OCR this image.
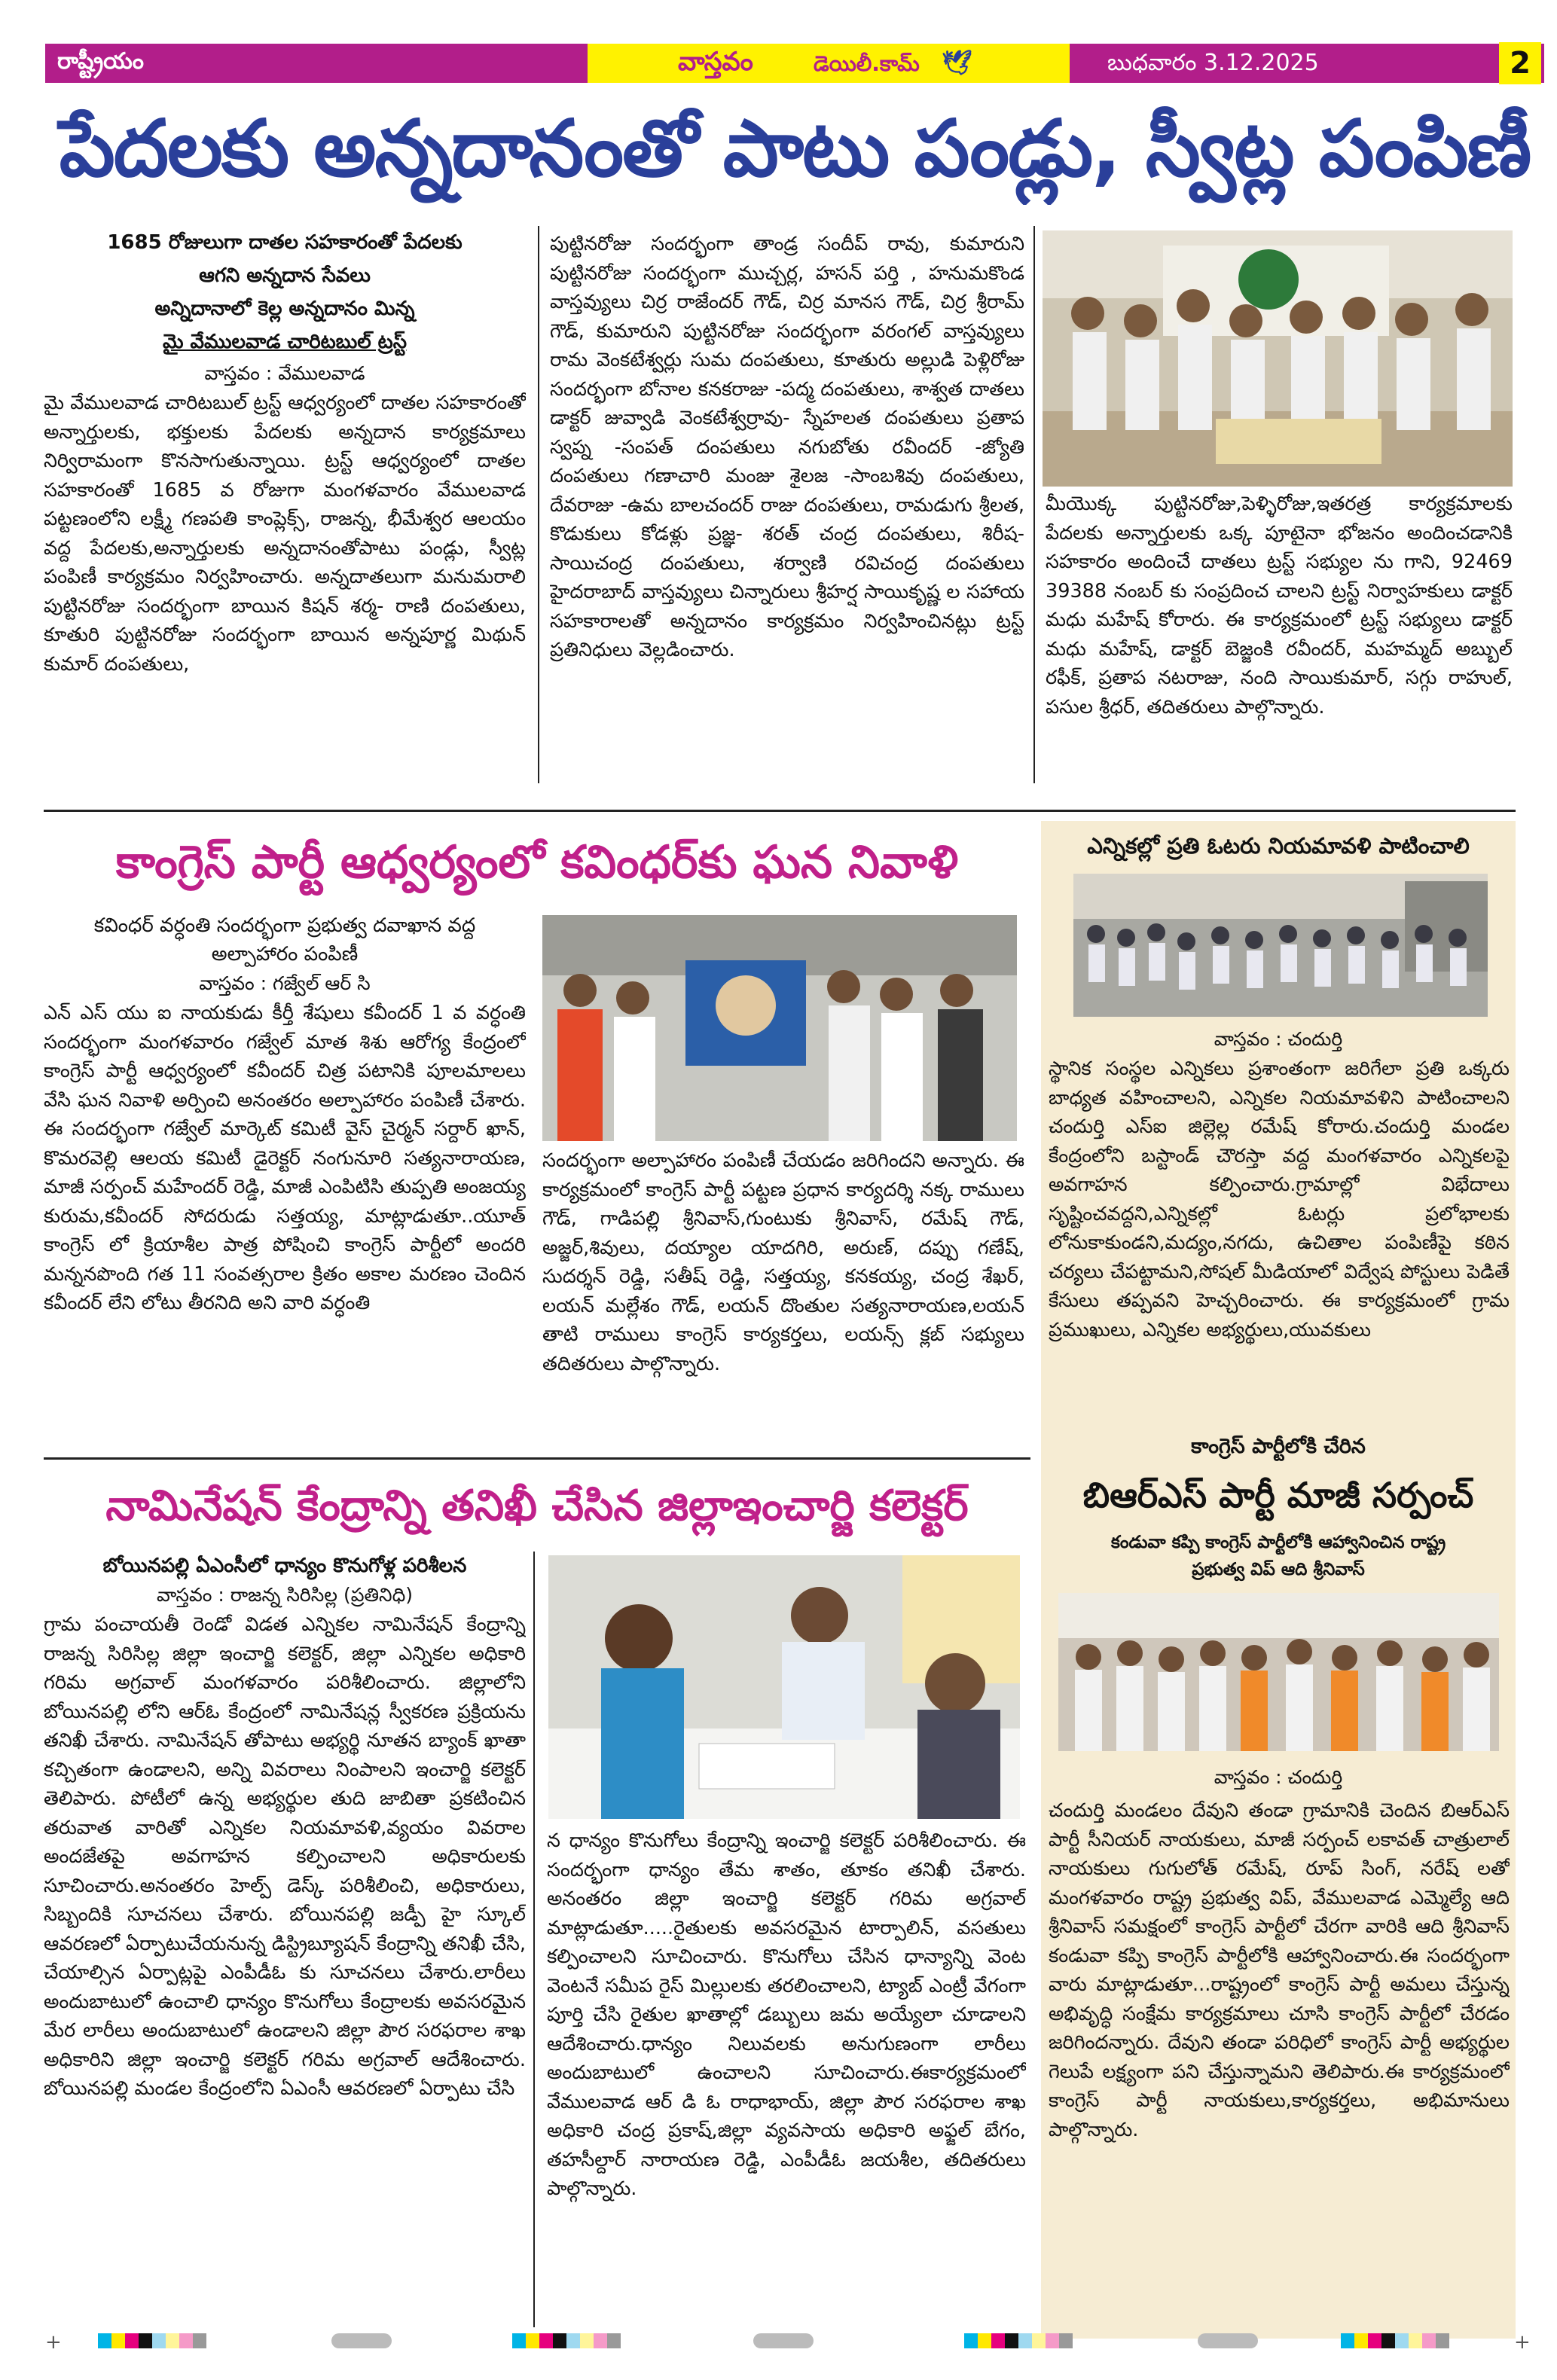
రాష్ట్రీయం	వాస్తవం	డెయిలీ.కామ్ 🕊	బుధవారం 3.12.2025	2
పేదలకు అన్నదానంతో పాటు పండ్లు, స్వీట్ల పంపిణీ
1685 రోజులుగా దాతల సహకారంతో పేదలకు
ఆగని అన్నదాన సేవలు
అన్నిదానాలో కెల్ల అన్నదానం మిన్న
మై వేములవాడ చారిటబుల్ ట్రస్ట్
వాస్తవం : వేములవాడ

మై వేములవాడ చారిటబుల్ ట్రస్ట్ ఆధ్వర్యంలో దాతల సహకారంతో అన్నార్తులకు, భక్తులకు పేదలకు అన్నదాన కార్యక్రమాలు నిర్విరామంగా కొనసాగుతున్నాయి. ట్రస్ట్ ఆధ్వర్యంలో దాతల సహకారంతో 1685 వ రోజుగా మంగళవారం వేములవాడ పట్టణంలోని లక్ష్మీ గణపతి కాంప్లెక్స్, రాజన్న, భీమేశ్వర ఆలయం వద్ద పేదలకు,అన్నార్తులకు అన్నదానంతోపాటు పండ్లు, స్వీట్ల పంపిణీ కార్యక్రమం నిర్వహించారు. అన్నదాతలుగా మనుమరాలి పుట్టినరోజు సందర్భంగా బాయిన కిషన్ శర్మ- రాణి దంపతులు, కూతురి పుట్టినరోజు సందర్భంగా బాయిన అన్నపూర్ణ మిథున్ కుమార్ దంపతులు,

పుట్టినరోజు సందర్భంగా తాండ్ర సందీప్ రావు, కుమారుని పుట్టినరోజు సందర్భంగా ముచ్చర్ల, హసన్ పర్తి , హనుమకొండ వాస్తవ్యులు చిర్ర రాజేందర్ గౌడ్, చిర్ర మానస గౌడ్, చిర్ర శ్రీరామ్ గౌడ్, కుమారుని పుట్టినరోజు సందర్భంగా వరంగల్ వాస్తవ్యులు రామ వెంకటేశ్వర్లు సుమ దంపతులు, కూతురు అల్లుడి పెళ్లిరోజు సందర్భంగా బోనాల కనకరాజు -పద్మ దంపతులు, శాశ్వత దాతలు డాక్టర్ జువ్వాడి వెంకటేశ్వర్రావు- స్నేహలత దంపతులు ప్రతాప స్వప్న -సంపత్ దంపతులు నగుబోతు రవీందర్ -జ్యోతి దంపతులు గణాచారి మంజు శైలజ -సాంబశివు దంపతులు, దేవరాజు -ఉమ బాలచందర్ రాజు దంపతులు, రామడుగు శ్రీలత, కొడుకులు కోడళ్లు ప్రజ్ఞ- శరత్ చంద్ర దంపతులు, శిరీష- సాయిచంద్ర దంపతులు, శర్వాణి రవిచంద్ర దంపతులు హైదరాబాద్ వాస్తవ్యులు చిన్నారులు శ్రీహర్ష సాయికృష్ణ ల సహాయ సహకారాలతో అన్నదానం కార్యక్రమం నిర్వహించినట్లు ట్రస్ట్ ప్రతినిధులు వెల్లడించారు.

మీయొక్క పుట్టినరోజు,పెళ్ళిరోజు,ఇతరత్ర కార్యక్రమాలకు పేదలకు అన్నార్తులకు ఒక్క పూటైనా భోజనం అందించడానికి సహకారం అందించే దాతలు ట్రస్ట్ సభ్యుల ను గాని, 92469 39388 నంబర్ కు సంప్రదించ చాలని ట్రస్ట్ నిర్వాహకులు డాక్టర్ మధు మహేష్ కోరారు. ఈ కార్యక్రమంలో ట్రస్ట్ సభ్యులు డాక్టర్ మధు మహేష్, డాక్టర్ బెజ్జంకి రవీందర్, మహమ్మద్ అబ్బుల్ రఫీక్, ప్రతాప నటరాజు, నంది సాయికుమార్, సగ్గు రాహుల్, పసుల శ్రీధర్, తదితరులు పాల్గొన్నారు.

కాంగ్రెస్ పార్టీ ఆధ్వర్యంలో కవింధర్‌కు ఘన నివాళి
కవింధర్ వర్ధంతి సందర్భంగా ప్రభుత్వ దవాఖాన వద్ద
అల్పాహారం పంపిణీ
వాస్తవం : గజ్వేల్ ఆర్ సి

ఎన్ ఎస్ యు ఐ నాయకుడు కీర్తీ శేషులు కవీందర్ 1 వ వర్ధంతి సందర్భంగా మంగళవారం గజ్వేల్ మాత శిశు ఆరోగ్య కేంద్రంలో కాంగ్రెస్ పార్టీ ఆధ్వర్యంలో కవీందర్ చిత్ర పటానికి పూలమాలలు వేసి ఘన నివాళి అర్పించి అనంతరం అల్పాహారం పంపిణీ చేశారు. ఈ సందర్భంగా గజ్వేల్ మార్కెట్ కమిటీ వైస్ చైర్మన్ సర్దార్ ఖాన్, కొమరవెల్లి ఆలయ కమిటీ డైరెక్టర్ నంగునూరి సత్యనారాయణ, మాజీ సర్పంచ్ మహేందర్ రెడ్డి, మాజీ ఎంపిటిసి తుప్పతి అంజయ్య కురుమ,కవీందర్ సోదరుడు సత్తయ్య, మాట్లాడుతూ..యూత్ కాంగ్రెస్ లో క్రియాశీల పాత్ర పోషించి కాంగ్రెస్ పార్టీలో అందరి మన్ననపొంది గత 11 సంవత్సరాల క్రితం అకాల మరణం చెందిన కవీందర్ లేని లోటు తీరనిది అని వారి వర్ధంతి

సందర్భంగా అల్పాహారం పంపిణీ చేయడం జరిగిందని అన్నారు. ఈ కార్యక్రమంలో కాంగ్రెస్ పార్టీ పట్టణ ప్రధాన కార్యదర్శి నక్క రాములు గౌడ్, గాడిపల్లి శ్రీనివాస్,గుంటుకు శ్రీనివాస్, రమేష్ గౌడ్, అజ్జర్,శివులు, దయ్యాల యాదగిరి, అరుణ్, దప్పు గణేష్, సుదర్శన్ రెడ్డి, సతీష్ రెడ్డి, సత్తయ్య, కనకయ్య, చంద్ర శేఖర్, లయన్ మల్లేశం గౌడ్, లయన్ దొంతుల సత్యనారాయణ,లయన్ తాటి రాములు కాంగ్రెస్ కార్యకర్తలు, లయన్స్ క్లబ్ సభ్యులు తదితరులు పాల్గొన్నారు.

నామినేషన్ కేంద్రాన్ని తనిఖీ చేసిన జిల్లాఇంచార్జి కలెక్టర్
బోయినపల్లి ఏఎంసీలో ధాన్యం కొనుగోళ్ల పరిశీలన
వాస్తవం : రాజన్న సిరిసిల్ల (ప్రతినిధి)

గ్రామ పంచాయతీ రెండో విడత ఎన్నికల నామినేషన్ కేంద్రాన్ని రాజన్న సిరిసిల్ల జిల్లా ఇంచార్జి కలెక్టర్, జిల్లా ఎన్నికల అధికారి గరిమ అగ్రవాల్ మంగళవారం పరిశీలించారు. జిల్లాలోని బోయినపల్లి లోని ఆర్ఓ కేంద్రంలో నామినేషన్ల స్వీకరణ ప్రక్రియను తనిఖీ చేశారు. నామినేషన్ తోపాటు అభ్యర్థి నూతన బ్యాంక్ ఖాతా కచ్చితంగా ఉండాలని, అన్ని వివరాలు నింపాలని ఇంచార్జి కలెక్టర్ తెలిపారు. పోటీలో ఉన్న అభ్యర్థుల తుది జాబితా ప్రకటించిన తరువాత వారితో ఎన్నికల నియమావళి,వ్యయం వివరాల అందజేతపై అవగాహన కల్పించాలని అధికారులకు సూచించారు.అనంతరం హెల్ప్ డెస్క్ పరిశీలించి, అధికారులు, సిబ్బందికి సూచనలు చేశారు. బోయినపల్లి జడ్పీ హై స్కూల్ ఆవరణలో ఏర్పాటుచేయనున్న డిస్ట్రిబ్యూషన్ కేంద్రాన్ని తనిఖీ చేసి, చేయాల్సిన ఏర్పాట్లపై ఎంపీడీఓ కు సూచనలు చేశారు.లారీలు అందుబాటులో ఉంచాలి ధాన్యం కొనుగోలు కేంద్రాలకు అవసరమైన మేర లారీలు అందుబాటులో ఉండాలని జిల్లా పౌర సరఫరాల శాఖ అధికారిని జిల్లా ఇంచార్జి కలెక్టర్ గరిమ అగ్రవాల్ ఆదేశించారు. బోయినపల్లి మండల కేంద్రంలోని ఏఎంసీ ఆవరణలో ఏర్పాటు చేసి

న ధాన్యం కొనుగోలు కేంద్రాన్ని ఇంచార్జి కలెక్టర్ పరిశీలించారు. ఈ సందర్భంగా ధాన్యం తేమ శాతం, తూకం తనిఖీ చేశారు. అనంతరం జిల్లా ఇంచార్జి కలెక్టర్ గరిమ అగ్రవాల్ మాట్లాడుతూ.....రైతులకు అవసరమైన టార్పాలిన్, వసతులు కల్పించాలని సూచించారు. కొనుగోలు చేసిన ధాన్యాన్ని వెంట వెంటనే సమీప రైస్ మిల్లులకు తరలించాలని, ట్యాబ్ ఎంట్రీ వేగంగా పూర్తి చేసి రైతుల ఖాతాల్లో డబ్బులు జమ అయ్యేలా చూడాలని ఆదేశించారు.ధాన్యం నిలువలకు అనుగుణంగా లారీలు అందుబాటులో ఉంచాలని సూచించారు.ఈకార్యక్రమంలో వేములవాడ ఆర్ డి ఓ రాధాభాయ్, జిల్లా పౌర సరఫరాల శాఖ అధికారి చంద్ర ప్రకాష్,జిల్లా వ్యవసాయ అధికారి అఫ్జల్ బేగం, తహసీల్దార్ నారాయణ రెడ్డి, ఎంపీడీఓ జయశీల, తదితరులు పాల్గొన్నారు.

ఎన్నికల్లో ప్రతి ఓటరు నియమావళి పాటించాలి
వాస్తవం : చందుర్తి

స్థానిక సంస్థల ఎన్నికలు ప్రశాంతంగా జరిగేలా ప్రతి ఒక్కరు బాధ్యత వహించాలని, ఎన్నికల నియమావళిని పాటించాలని చందుర్తి ఎస్ఐ జిల్లెల్ల రమేష్ కోరారు.చందుర్తి మండల కేంద్రంలోని బస్టాండ్ చౌరస్తా వద్ద మంగళవారం ఎన్నికలపై అవగాహన కల్పించారు.గ్రామాల్లో విభేదాలు సృష్టించవద్దని,ఎన్నికల్లో ఓటర్లు ప్రలోభాలకు లోనుకాకుండని,మద్యం,నగదు, ఉచితాల పంపిణీపై కఠిన చర్యలు చేపట్టామని,సోషల్ మీడియాలో విద్వేష పోస్టులు పెడితే కేసులు తప్పవని హెచ్చరించారు. ఈ కార్యక్రమంలో గ్రామ ప్రముఖులు, ఎన్నికల అభ్యర్థులు,యువకులు

కాంగ్రెస్ పార్టీలోకి చేరిన
బిఆర్ఎస్ పార్టీ మాజీ సర్పంచ్
కండువా కప్పి కాంగ్రెస్ పార్టీలోకి ఆహ్వానించిన రాష్ట్ర
ప్రభుత్వ విప్ ఆది శ్రీనివాస్
వాస్తవం : చందుర్తి

చందుర్తి మండలం దేవుని తండా గ్రామానికి చెందిన బిఆర్ఎస్ పార్టీ సీనియర్ నాయకులు, మాజీ సర్పంచ్ లకావత్ చాత్రులాల్ నాయకులు గుగులోత్ రమేష్, రూప్ సింగ్, నరేష్ లతో మంగళవారం రాష్ట్ర ప్రభుత్వ విప్, వేములవాడ ఎమ్మెల్యే ఆది శ్రీనివాస్ సమక్షంలో కాంగ్రెస్ పార్టీలో చేరగా వారికి ఆది శ్రీనివాస్ కండువా కప్పి కాంగ్రెస్ పార్టీలోకి ఆహ్వానించారు.ఈ సందర్భంగా వారు మాట్లాడుతూ...రాష్ట్రంలో కాంగ్రెస్ పార్టీ అమలు చేస్తున్న అభివృద్ధి సంక్షేమ కార్యక్రమాలు చూసి కాంగ్రెస్ పార్టీలో చేరడం జరిగిందన్నారు. దేవుని తండా పరిధిలో కాంగ్రెస్ పార్టీ అభ్యర్థుల గెలుపే లక్ష్యంగా పని చేస్తున్నామని తెలిపారు.ఈ కార్యక్రమంలో కాంగ్రెస్ పార్టీ నాయకులు,కార్యకర్తలు, అభిమానులు పాల్గొన్నారు.

+	+
